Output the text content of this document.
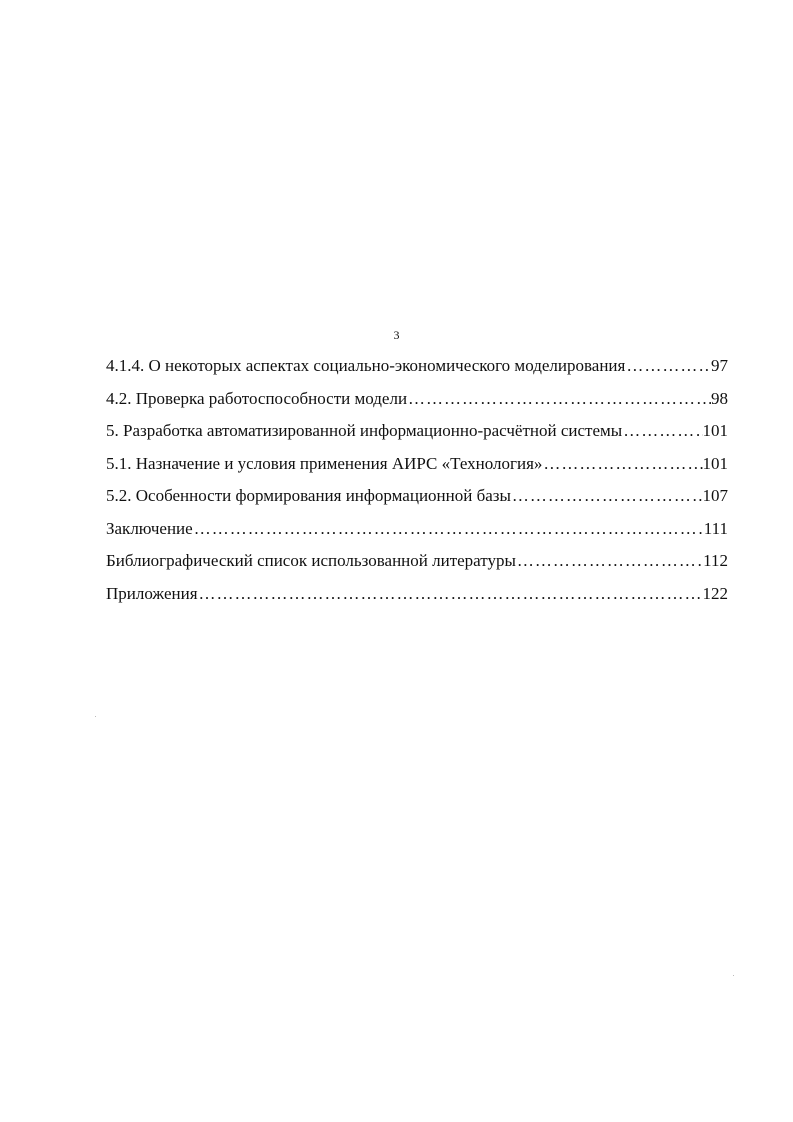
3
4.1.4. О некоторых аспектах социально-экономического моделирования ………………………………………………………………………………………………………………………	97
4.2. Проверка работоспособности модели ………………………………………………………………………………………………………………………	98
5. Разработка автоматизированной информационно-расчётной системы ………………………………………………………………………………………………………………………	101
5.1. Назначение и условия применения АИРС «Технология» ………………………………………………………………………………………………………………………	101
5.2. Особенности формирования информационной базы ………………………………………………………………………………………………………………………	107
Заключение ………………………………………………………………………………………………………………………	111
Библиографический список использованной литературы ………………………………………………………………………………………………………………………	112
Приложения ………………………………………………………………………………………………………………………	122
